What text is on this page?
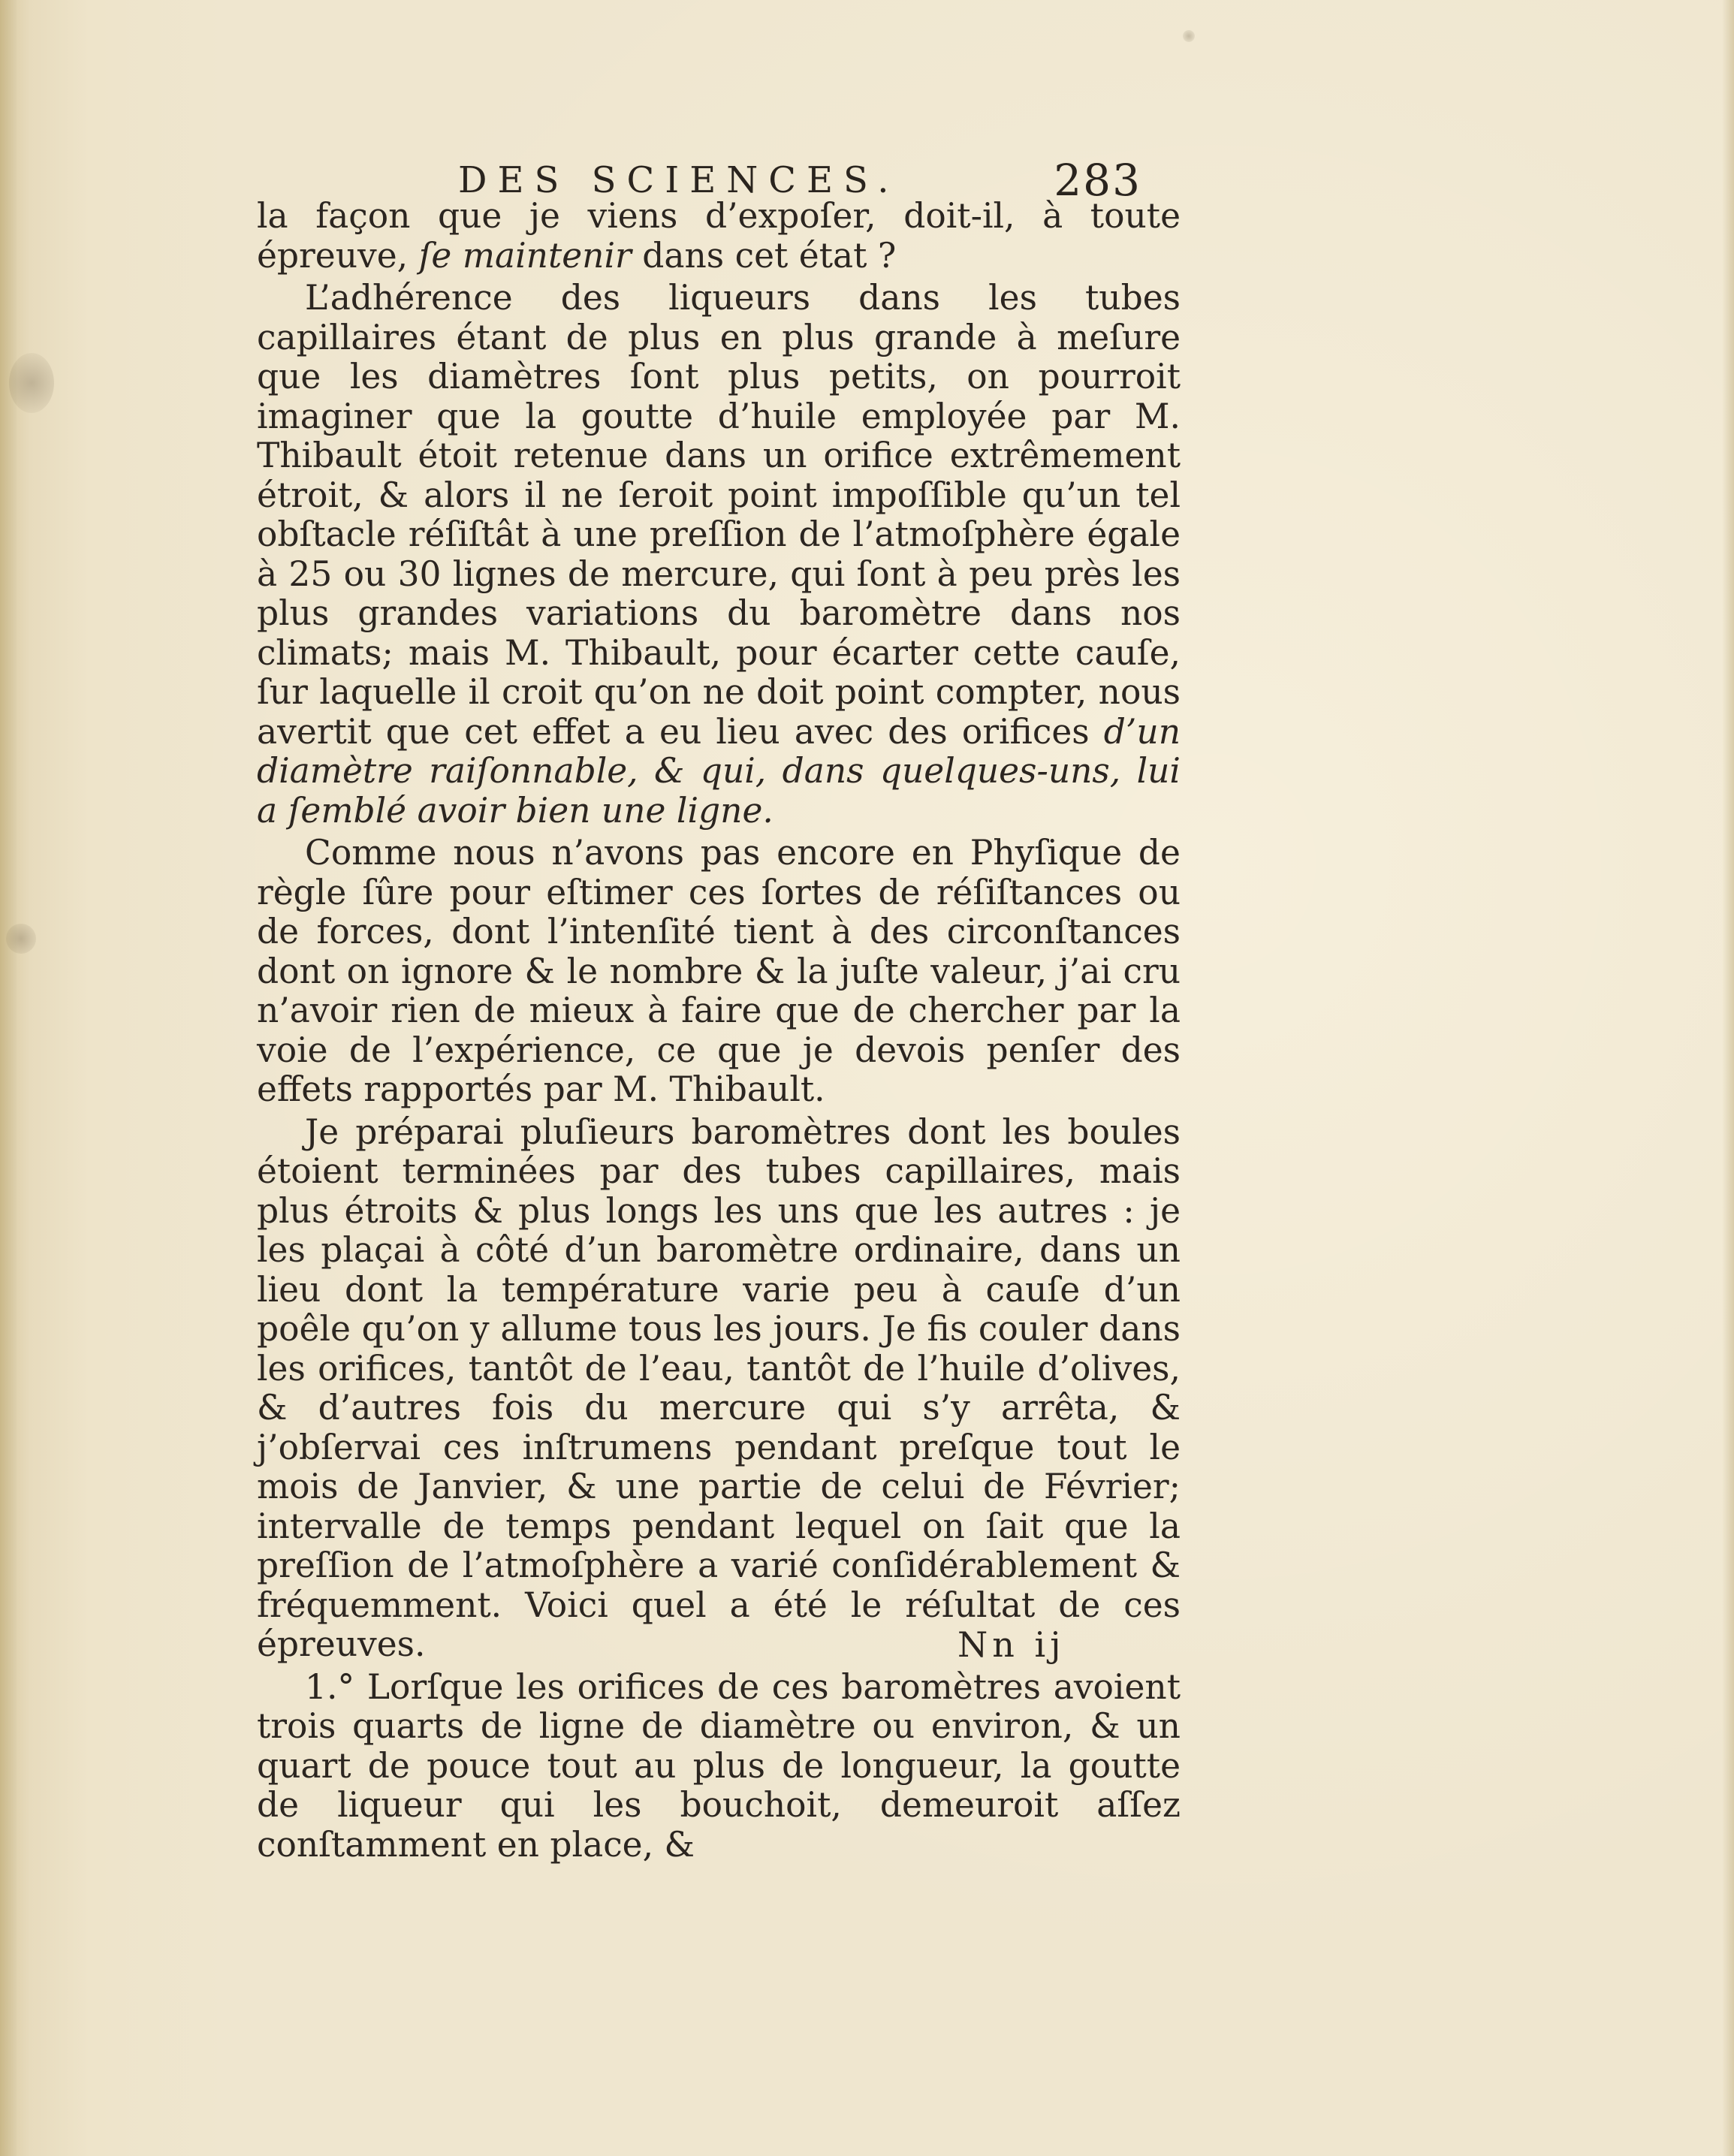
DES SCIENCES.	283

la façon que je viens d’expoſer, doit-il, à toute épreuve, ſe maintenir dans cet état ?

L’adhérence des liqueurs dans les tubes capillaires étant de plus en plus grande à meſure que les diamètres ſont plus petits, on pourroit imaginer que la goutte d’huile employée par M. Thibault étoit retenue dans un orifice extrêmement étroit, & alors il ne ſeroit point impoſſible qu’un tel obſtacle réſiſtât à une preſſion de l’atmoſphère égale à 25 ou 30 lignes de mercure, qui ſont à peu près les plus grandes variations du baromètre dans nos climats; mais M. Thibault, pour écarter cette cauſe, ſur laquelle il croit qu’on ne doit point compter, nous avertit que cet effet a eu lieu avec des orifices d’un diamètre raiſonnable, & qui, dans quelques-uns, lui a ſemblé avoir bien une ligne.

Comme nous n’avons pas encore en Phyſique de règle ſûre pour eſtimer ces ſortes de réſiſtances ou de forces, dont l’intenſité tient à des circonſtances dont on ignore & le nombre & la juſte valeur, j’ai cru n’avoir rien de mieux à faire que de chercher par la voie de l’expérience, ce que je devois penſer des effets rapportés par M. Thibault.

Je préparai pluſieurs baromètres dont les boules étoient terminées par des tubes capillaires, mais plus étroits & plus longs les uns que les autres : je les plaçai à côté d’un baromètre ordinaire, dans un lieu dont la température varie peu à cauſe d’un poêle qu’on y allume tous les jours. Je fis couler dans les orifices, tantôt de l’eau, tantôt de l’huile d’olives, & d’autres fois du mercure qui s’y arrêta, & j’obſervai ces inſtrumens pendant preſque tout le mois de Janvier, & une partie de celui de Février; intervalle de temps pendant lequel on ſait que la preſſion de l’atmoſphère a varié conſidérablement & fréquemment. Voici quel a été le réſultat de ces épreuves.

1.° Lorſque les orifices de ces baromètres avoient trois quarts de ligne de diamètre ou environ, & un quart de pouce tout au plus de longueur, la goutte de liqueur qui les bouchoit, demeuroit aſſez conſtamment en place, &

Nn ij
